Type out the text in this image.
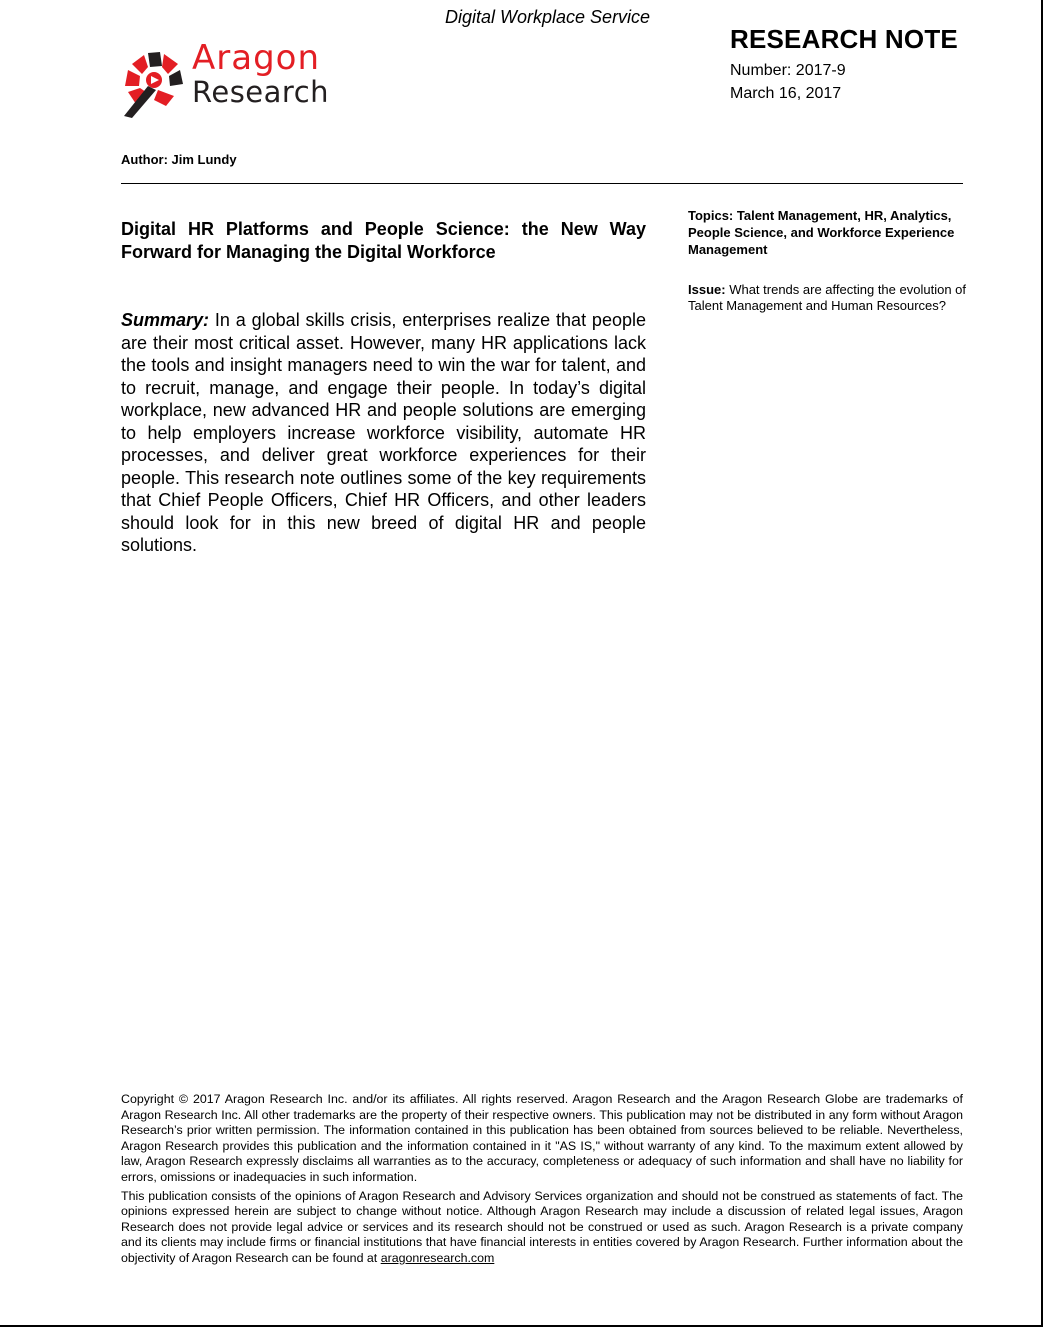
Digital Workplace Service
Aragon
Research
RESEARCH NOTE
Number: 2017-9
March 16, 2017
Author: Jim Lundy
Digital HR Platforms and People Science: the New Way Forward for Managing the Digital Workforce
Summary: In a global skills crisis, enterprises realize that people are their most critical asset. However, many HR applications lack the tools and insight managers need to win the war for talent, and to recruit, manage, and engage their people. In today’s digital workplace, new advanced HR and people solutions are emerging to help employers increase workforce visibility, automate HR processes, and deliver great workforce experiences for their people. This research note outlines some of the key requirements that Chief People Officers, Chief HR Officers, and other leaders should look for in this new breed of digital HR and people solutions.
Topics: Talent Management, HR, Analytics, People Science, and Workforce Experience Management
Issue: What trends are affecting the evolution of Talent Management and Human Resources?

Copyright © 2017 Aragon Research Inc. and/or its affiliates. All rights reserved. Aragon Research and the Aragon Research Globe are trademarks of Aragon Research Inc. All other trademarks are the property of their respective owners. This publication may not be distributed in any form without Aragon Research’s prior written permission. The information contained in this publication has been obtained from sources believed to be reliable. Nevertheless, Aragon Research provides this publication and the information contained in it "AS IS," without warranty of any kind. To the maximum extent allowed by law, Aragon Research expressly disclaims all warranties as to the accuracy, completeness or adequacy of such information and shall have no liability for errors, omissions or inadequacies in such information.

This publication consists of the opinions of Aragon Research and Advisory Services organization and should not be construed as statements of fact. The opinions expressed herein are subject to change without notice. Although Aragon Research may include a discussion of related legal issues, Aragon Research does not provide legal advice or services and its research should not be construed or used as such. Aragon Research is a private company and its clients may include firms or financial institutions that have financial interests in entities covered by Aragon Research. Further information about the objectivity of Aragon Research can be found at aragonresearch.com
